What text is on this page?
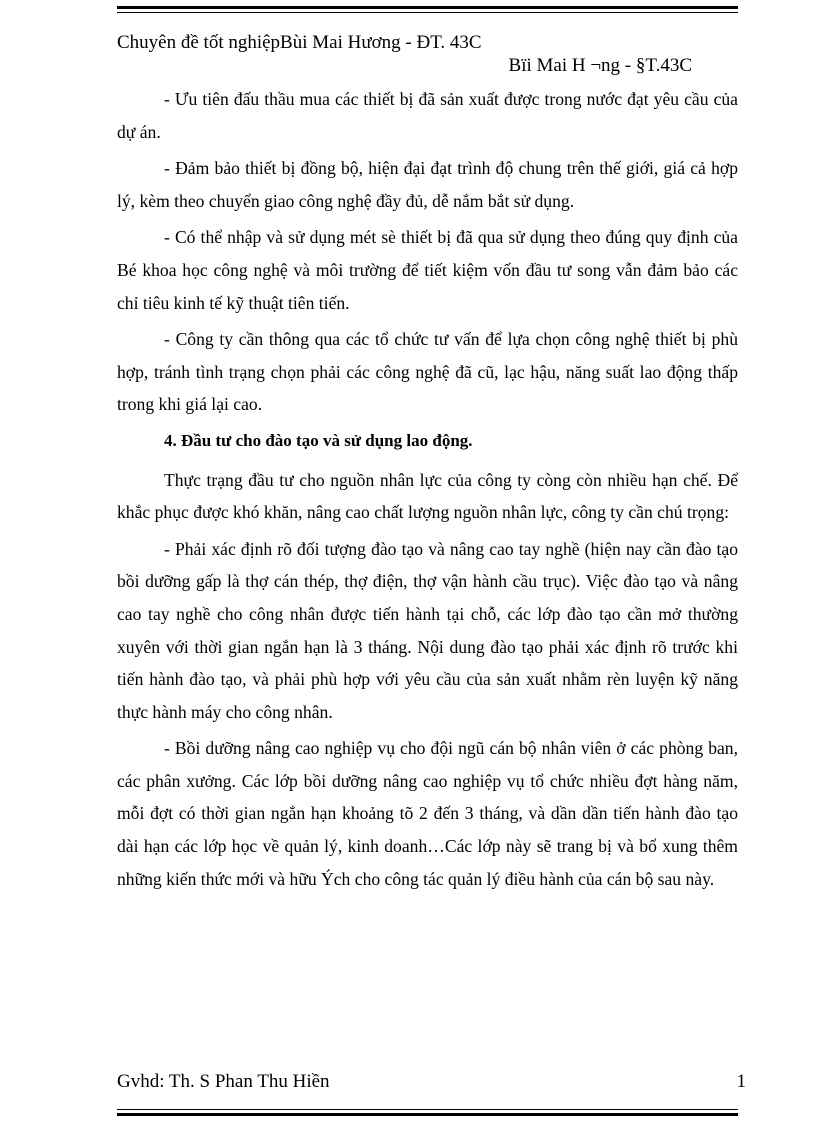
Chuyên đề tốt nghiệpBùi Mai Hương - ĐT. 43C
Bïi Mai H ¬ng - §T.43C

- Ưu tiên đấu thầu mua các thiết bị đã sản xuất được trong nước đạt yêu cầu của dự án.

- Đảm bảo thiết bị đồng bộ, hiện đại đạt trình độ chung trên thế giới, giá cả hợp lý, kèm theo chuyển giao công nghệ đầy đủ, dễ nắm bắt sử dụng.

- Có thể nhập và sử dụng mét sè thiết bị đã qua sử dụng theo đúng quy định của Bé khoa học công nghệ và môi trường để tiết kiệm vốn đầu tư song vẫn đảm bảo các chỉ tiêu kinh tế kỹ thuật tiên tiến.

- Công ty cần thông qua các tổ chức tư vấn để lựa chọn công nghệ thiết bị phù hợp, tránh tình trạng chọn phải các công nghệ đã cũ, lạc hậu, năng suất lao động thấp trong khi giá lại cao.

4. Đầu tư cho đào tạo và sử dụng lao động.

Thực trạng đầu tư cho nguồn nhân lực của công ty còng còn nhiều hạn chế. Để khắc phục được khó khăn, nâng cao chất lượng nguồn nhân lực, công ty cần chú trọng:

- Phải xác định rõ đối tượng đào tạo và nâng cao tay nghề (hiện nay cần đào tạo bồi dưỡng gấp là thợ cán thép, thợ điện, thợ vận hành cầu trục). Việc đào tạo và nâng cao tay nghề cho công nhân được tiến hành tại chỗ, các lớp đào tạo cần mở thường xuyên với thời gian ngắn hạn là 3 tháng. Nội dung đào tạo phải xác định rõ trước khi tiến hành đào tạo, và phải phù hợp với yêu cầu của sản xuất nhằm rèn luyện kỹ năng thực hành máy cho công nhân.

- Bồi dưỡng nâng cao nghiệp vụ cho đội ngũ cán bộ nhân viên ở các phòng ban, các phân xưởng. Các lớp bồi dưỡng nâng cao nghiệp vụ tổ chức nhiều đợt hàng năm, mỗi đợt có thời gian ngắn hạn khoảng tõ 2 đến 3 tháng, và dần dần tiến hành đào tạo dài hạn các lớp học về quản lý, kinh doanh…Các lớp này sẽ trang bị và bổ xung thêm những kiến thức mới và hữu Ých cho công tác quản lý điều hành của cán bộ sau này.

Gvhd: Th. S Phan Thu Hiền	1
